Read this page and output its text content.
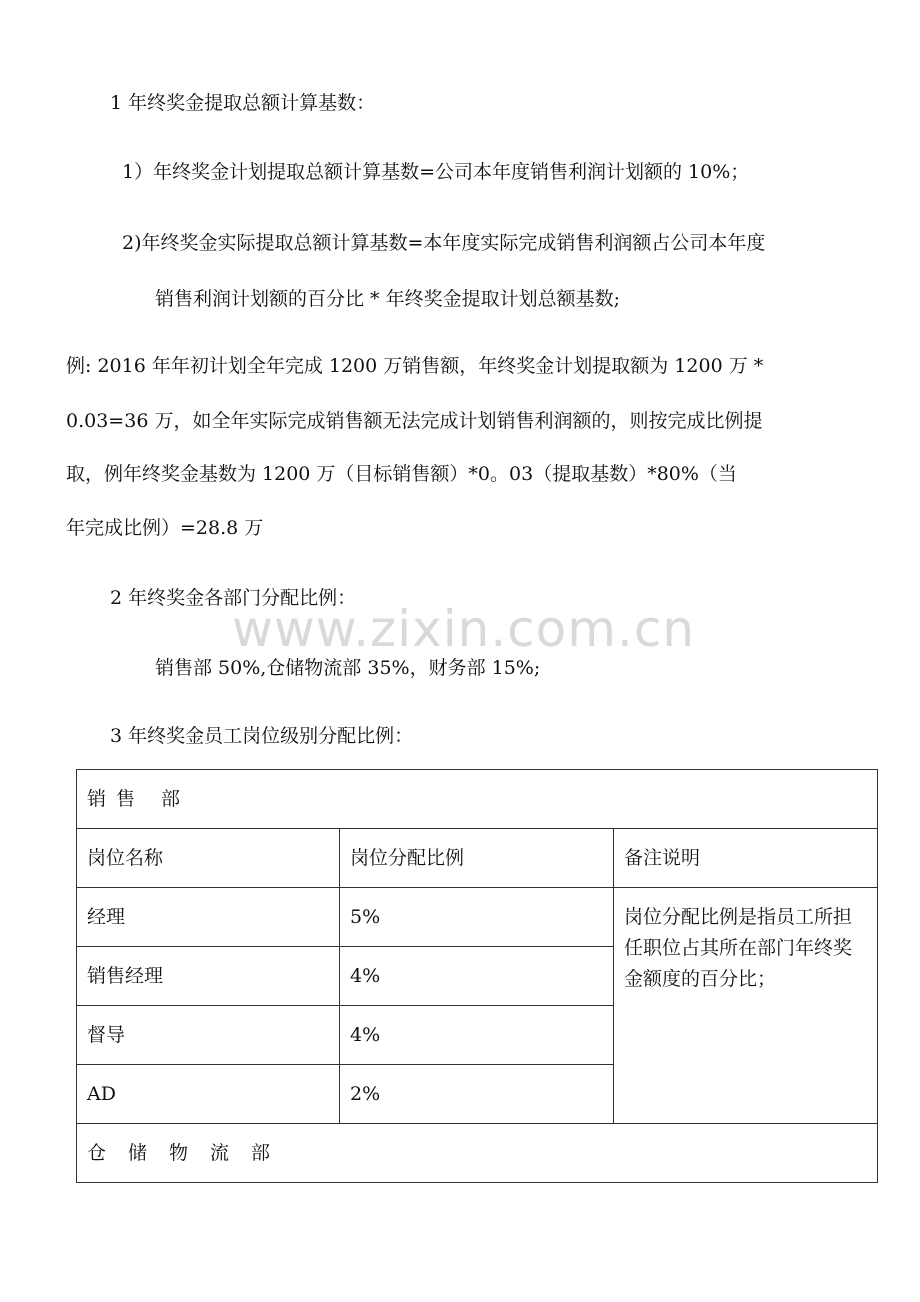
1 年终奖金提取总额计算基数：
1）年终奖金计划提取总额计算基数=公司本年度销售利润计划额的 10%；
2)年终奖金实际提取总额计算基数=本年度实际完成销售利润额占公司本年度
销售利润计划额的百分比 * 年终奖金提取计划总额基数;
例: 2016 年年初计划全年完成 1200 万销售额，年终奖金计划提取额为 1200 万 *
0.03=36 万，如全年实际完成销售额无法完成计划销售利润额的，则按完成比例提
取，例年终奖金基数为 1200 万（目标销售额）*0。03（提取基数）*80%（当
年完成比例）=28.8 万
2 年终奖金各部门分配比例：
www.zixin.com.cn
销售部 50%,仓储物流部 35%，财务部 15%;
3 年终奖金员工岗位级别分配比例：
销售 部		
岗位名称	岗位分配比例	备注说明
经理	5%	岗位分配比例是指员工所担任职位占其所在部门年终奖金额度的百分比；
销售经理	4%	
督导	4%	
AD	2%	
仓储物流部		
